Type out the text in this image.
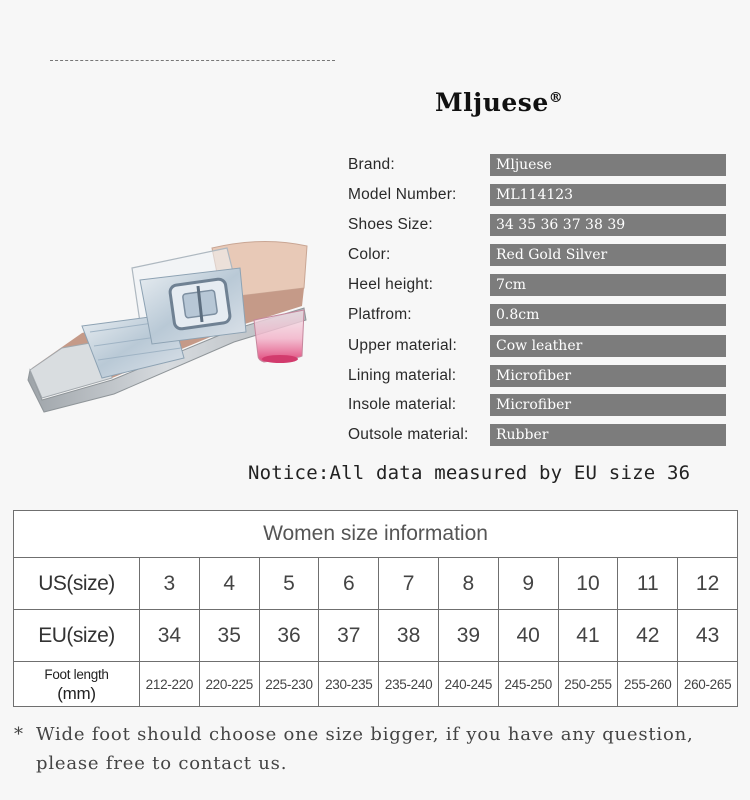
Mljuese®
Brand:	Mljuese
Model Number:	ML114123
Shoes Size:	34 35 36 37 38 39
Color:	Red Gold Silver
Heel height:	7cm
Platfrom:	0.8cm
Upper material:	Cow leather
Lining material:	Microfiber
Insole material:	Microfiber
Outsole material:	Rubber
Notice:All data measured by EU size 36
Women size information										
US(size)	3	4	5	6	7	8	9	10	11	12
EU(size)	34	35	36	37	38	39	40	41	42	43
Foot length
(mm)	212-220	220-225	225-230	230-235	235-240	240-245	245-250	250-255	255-260	260-265
* Wide foot should choose one size bigger, if you have any question, please free to contact us.
